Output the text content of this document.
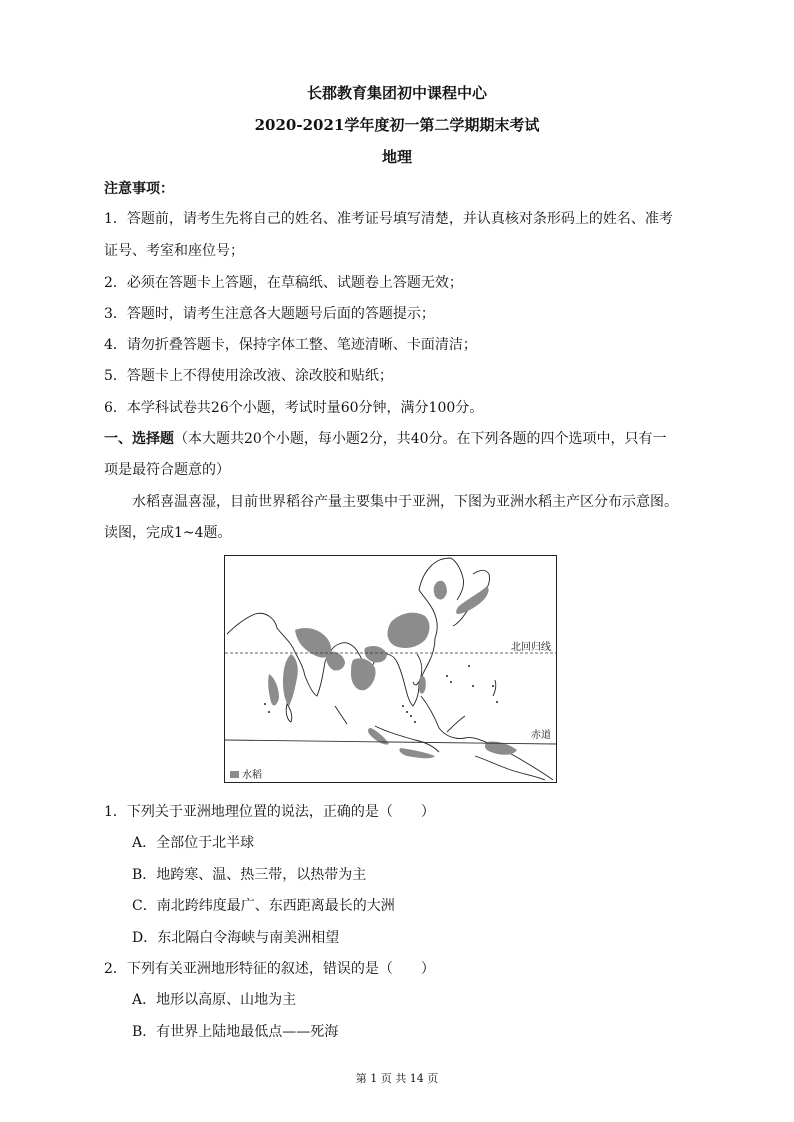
长郡教育集团初中课程中心
2020-2021学年度初一第二学期期末考试
地理
注意事项：
1．答题前，请考生先将自己的姓名、准考证号填写清楚，并认真核对条形码上的姓名、准考
证号、考室和座位号；
2．必须在答题卡上答题，在草稿纸、试题卷上答题无效；
3．答题时，请考生注意各大题题号后面的答题提示；
4．请勿折叠答题卡，保持字体工整、笔迹清晰、卡面清洁；
5．答题卡上不得使用涂改液、涂改胶和贴纸；
6．本学科试卷共26个小题，考试时量60分钟，满分100分。
一、选择题（本大题共20个小题，每小题2分，共40分。在下列各题的四个选项中，只有一
项是最符合题意的）
水稻喜温喜湿，目前世界稻谷产量主要集中于亚洲，下图为亚洲水稻主产区分布示意图。
读图，完成1~4题。
北回归线
赤道
水稻
1．下列关于亚洲地理位置的说法，正确的是（　　）
A．全部位于北半球
B．地跨寒、温、热三带，以热带为主
C．南北跨纬度最广、东西距离最长的大洲
D．东北隔白令海峡与南美洲相望
2．下列有关亚洲地形特征的叙述，错误的是（　　）
A．地形以高原、山地为主
B．有世界上陆地最低点——死海
第 1 页 共 14 页
